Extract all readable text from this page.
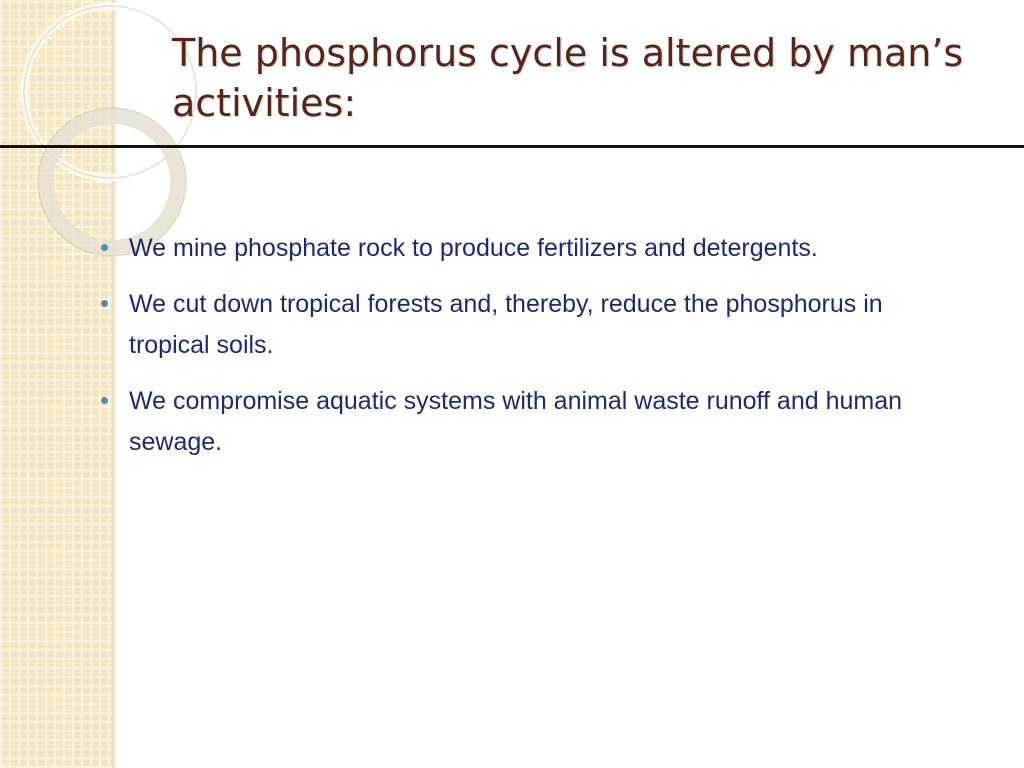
The phosphorus cycle is altered by man’s activities:
We mine phosphate rock to produce fertilizers and detergents.
We cut down tropical forests and, thereby, reduce the phosphorus in tropical soils.
We compromise aquatic systems with animal waste runoff and human sewage.
